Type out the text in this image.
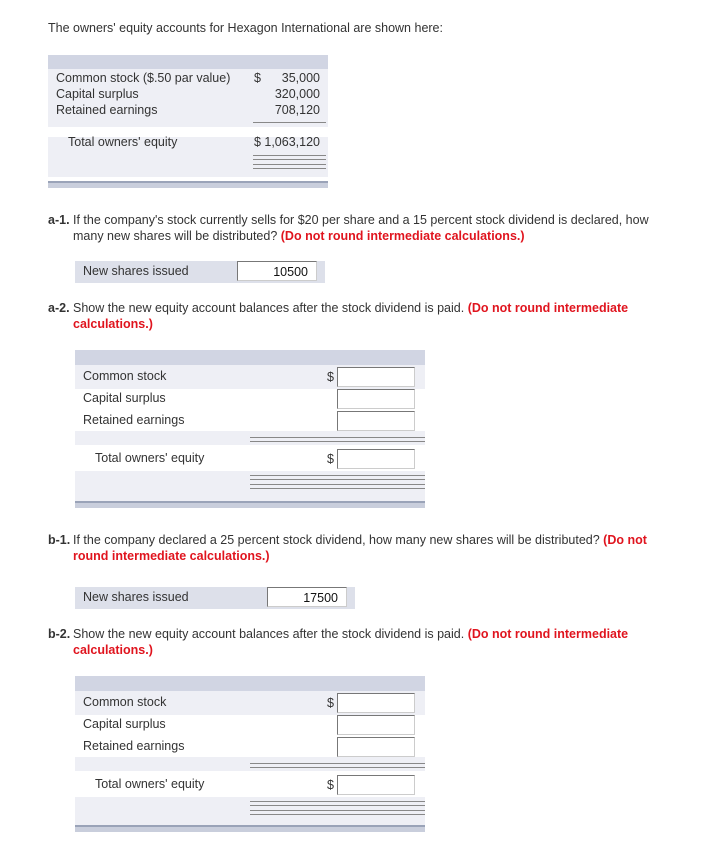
The owners' equity accounts for Hexagon International are shown here:
Common stock ($.50 par value) $ 35,000
Capital surplus	320,000
Retained earnings	708,120
Total owners' equity	$ 1,063,120
a-1. If the company's stock currently sells for $20 per share and a 15 percent stock dividend is declared, how many new shares will be distributed? (Do not round intermediate calculations.)
New shares issued	10500
a-2. Show the new equity account balances after the stock dividend is paid. (Do not round intermediate calculations.)
Common stock	$
Capital surplus
Retained earnings
Total owners' equity	$
b-1. If the company declared a 25 percent stock dividend, how many new shares will be distributed? (Do not round intermediate calculations.)
New shares issued	17500
b-2. Show the new equity account balances after the stock dividend is paid. (Do not round intermediate calculations.)
Common stock	$
Capital surplus
Retained earnings
Total owners' equity	$
